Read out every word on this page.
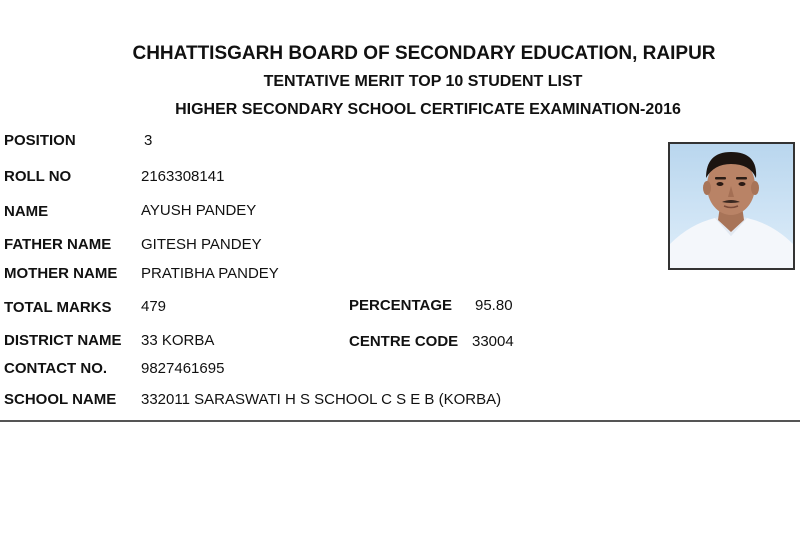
CHHATTISGARH BOARD OF SECONDARY EDUCATION, RAIPUR
TENTATIVE MERIT TOP 10 STUDENT LIST
HIGHER SECONDARY SCHOOL CERTIFICATE EXAMINATION-2016
POSITION	3
ROLL NO	2163308141
NAME	AYUSH PANDEY
FATHER NAME GITESH PANDEY
MOTHER NAME PRATIBHA PANDEY
TOTAL MARKS 479	PERCENTAGE 95.80
DISTRICT NAME 33 KORBA	CENTRE CODE 33004
CONTACT NO. 9827461695
SCHOOL NAME 332011 SARASWATI H S SCHOOL C S E B (KORBA)
